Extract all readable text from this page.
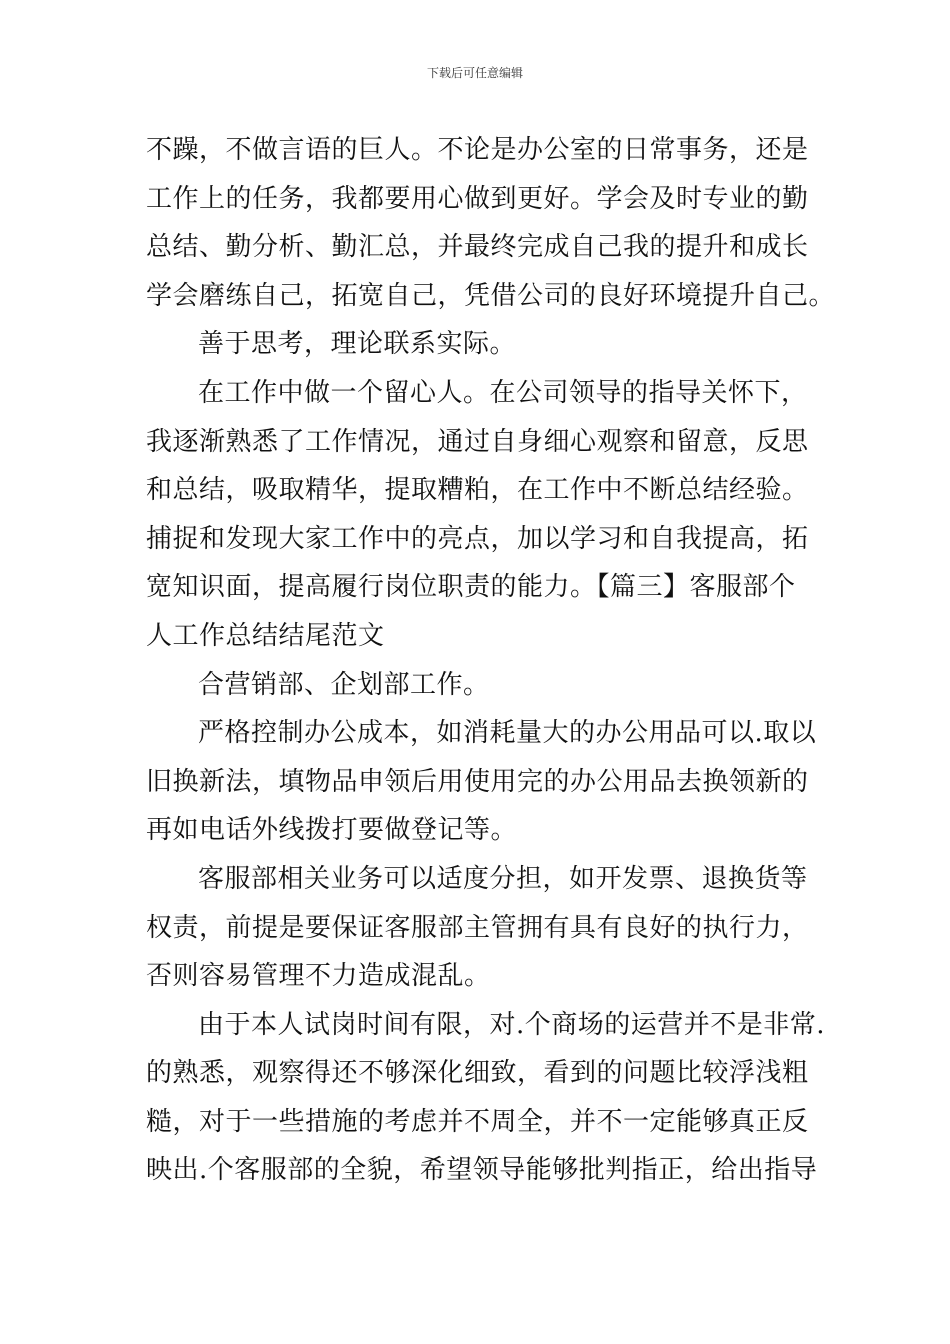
下载后可任意编辑
不躁，不做言语的巨人。不论是办公室的日常事务，还是
工作上的任务，我都要用心做到更好。学会及时专业的勤
总结、勤分析、勤汇总，并最终完成自己我的提升和成长
学会磨练自己，拓宽自己，凭借公司的良好环境提升自己。
善于思考，理论联系实际。
在工作中做一个留心人。在公司领导的指导关怀下，
我逐渐熟悉了工作情况，通过自身细心观察和留意，反思
和总结，吸取精华，提取糟粕，在工作中不断总结经验。
捕捉和发现大家工作中的亮点，加以学习和自我提高，拓
宽知识面，提高履行岗位职责的能力。【篇三】客服部个
人工作总结结尾范文
合营销部、企划部工作。
严格控制办公成本，如消耗量大的办公用品可以.取以
旧换新法，填物品申领后用使用完的办公用品去换领新的
再如电话外线拨打要做登记等。
客服部相关业务可以适度分担，如开发票、退换货等
权责，前提是要保证客服部主管拥有具有良好的执行力，
否则容易管理不力造成混乱。
由于本人试岗时间有限，对.个商场的运营并不是非常.
的熟悉，观察得还不够深化细致，看到的问题比较浮浅粗
糙，对于一些措施的考虑并不周全，并不一定能够真正反
映出.个客服部的全貌，希望领导能够批判指正，给出指导
